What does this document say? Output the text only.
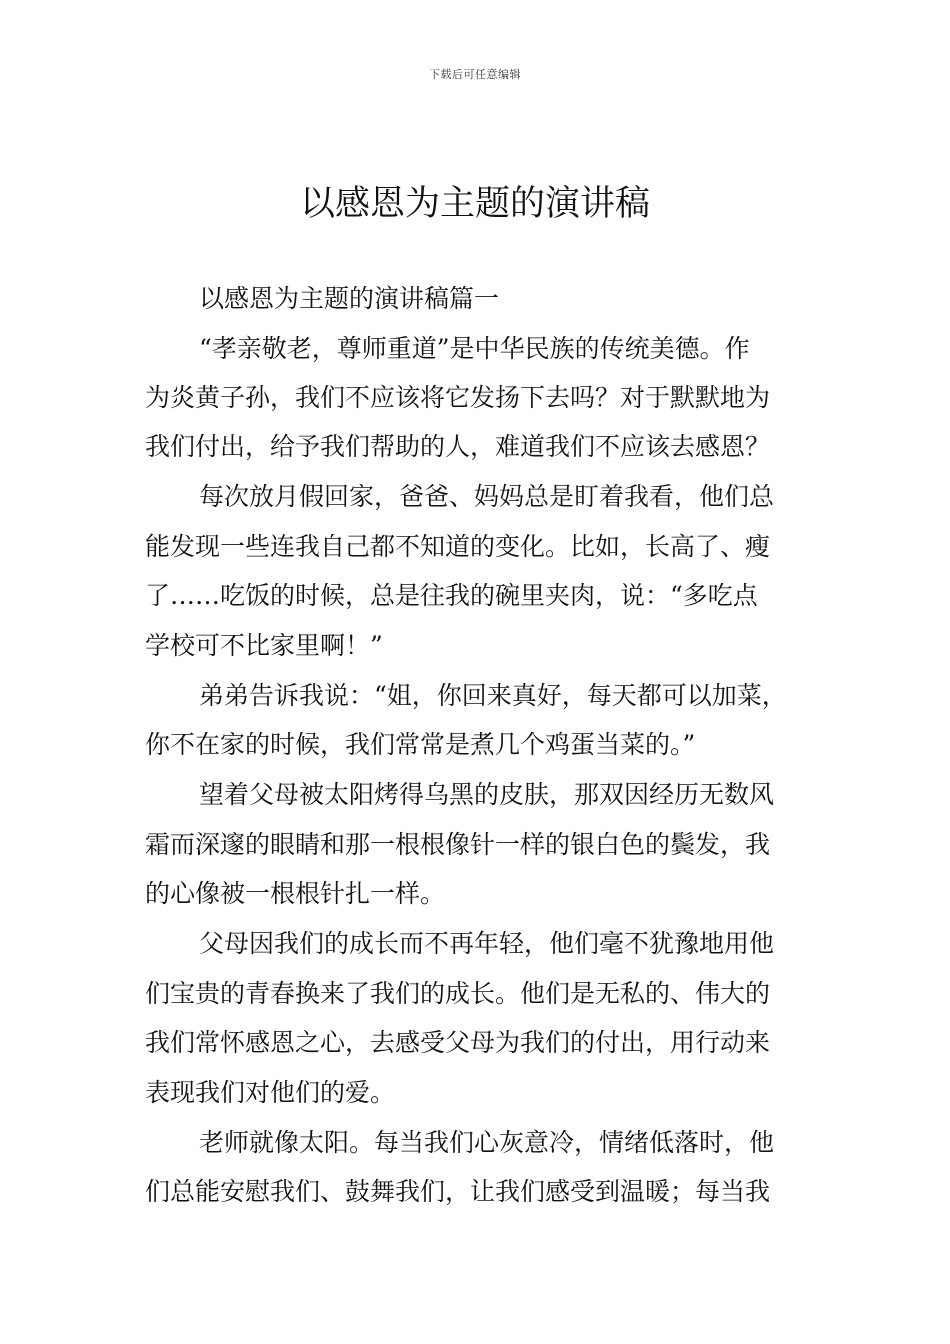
下载后可任意编辑
以感恩为主题的演讲稿
以感恩为主题的演讲稿篇一
“孝亲敬老，尊师重道”是中华民族的传统美德。作
为炎黄子孙，我们不应该将它发扬下去吗？对于默默地为
我们付出，给予我们帮助的人，难道我们不应该去感恩？
每次放月假回家，爸爸、妈妈总是盯着我看，他们总
能发现一些连我自己都不知道的变化。比如，长高了、瘦
了……吃饭的时候，总是往我的碗里夹肉，说：“多吃点
学校可不比家里啊！”
弟弟告诉我说：“姐，你回来真好，每天都可以加菜，
你不在家的时候，我们常常是煮几个鸡蛋当菜的。”
望着父母被太阳烤得乌黑的皮肤，那双因经历无数风
霜而深邃的眼睛和那一根根像针一样的银白色的鬓发，我
的心像被一根根针扎一样。
父母因我们的成长而不再年轻，他们毫不犹豫地用他
们宝贵的青春换来了我们的成长。他们是无私的、伟大的
我们常怀感恩之心，去感受父母为我们的付出，用行动来
表现我们对他们的爱。
老师就像太阳。每当我们心灰意冷，情绪低落时，他
们总能安慰我们、鼓舞我们，让我们感受到温暖；每当我
